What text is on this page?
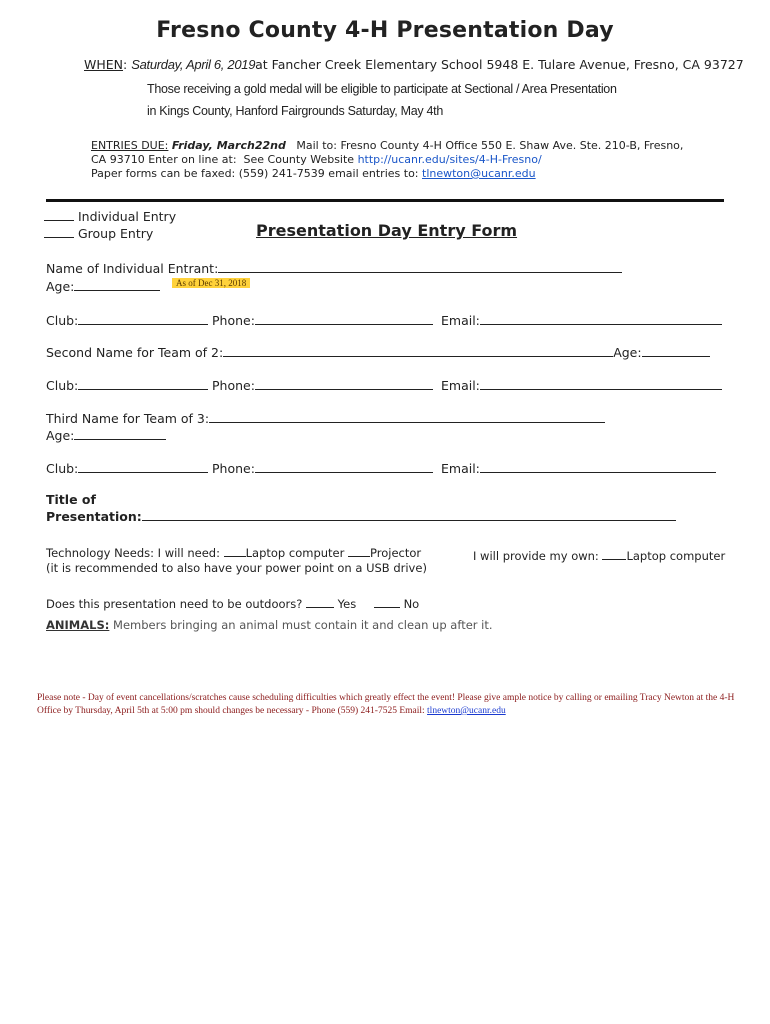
Fresno County 4-H Presentation Day
WHEN: Saturday, April 6, 2019at Fancher Creek Elementary School 5948 E. Tulare Avenue, Fresno, CA 93727
Those receiving a gold medal will be eligible to participate at Sectional / Area Presentation
in Kings County, Hanford Fairgrounds Saturday, May 4th
ENTRIES DUE: Friday, March22nd Mail to: Fresno County 4-H Office 550 E. Shaw Ave. Ste. 210-B, Fresno, CA 93710 Enter on line at: See County Website http://ucanr.edu/sites/4-H-Fresno/
Paper forms can be faxed: (559) 241-7539 email entries to: tlnewton@ucanr.edu
Individual Entry
Group Entry	Presentation Day Entry Form
Name of Individual Entrant:
Age:	As of Dec 31, 2018
Club:	Phone:	Email:
Second Name for Team of 2:	Age:
Club:	Phone:	Email:
Third Name for Team of 3:
Age:
Club:	Phone:	Email:
Title of
Presentation:
Technology Needs: I will need: Laptop computer Projector
(it is recommended to also have your power point on a USB drive)
I will provide my own: Laptop computer
Does this presentation need to be outdoors?	Yes	No
ANIMALS: Members bringing an animal must contain it and clean up after it.
Please note - Day of event cancellations/scratches cause scheduling difficulties which greatly effect the event! Please give ample notice by calling or emailing Tracy Newton at the 4-H Office by Thursday, April 5th at 5:00 pm should changes be necessary - Phone (559) 241-7525 Email: tlnewton@ucanr.edu
